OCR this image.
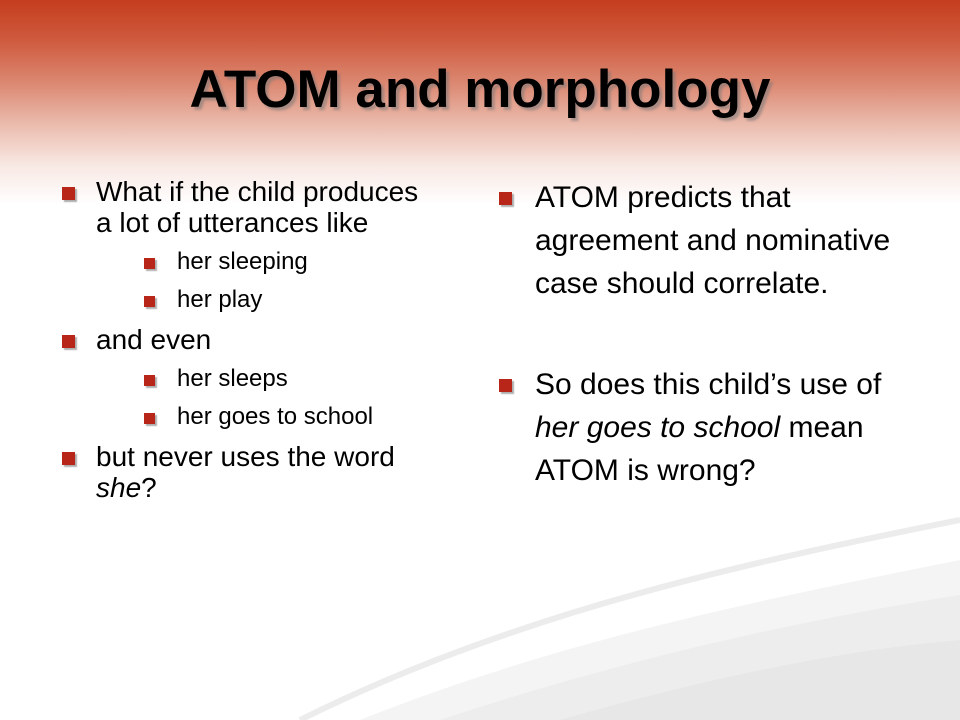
ATOM and morphology
What if the child produces a lot of utterances like
her sleeping
her play
and even
her sleeps
her goes to school
but never uses the word she?
ATOM predicts that agreement and nominative case should correlate.
So does this child’s use of her goes to school mean ATOM is wrong?
